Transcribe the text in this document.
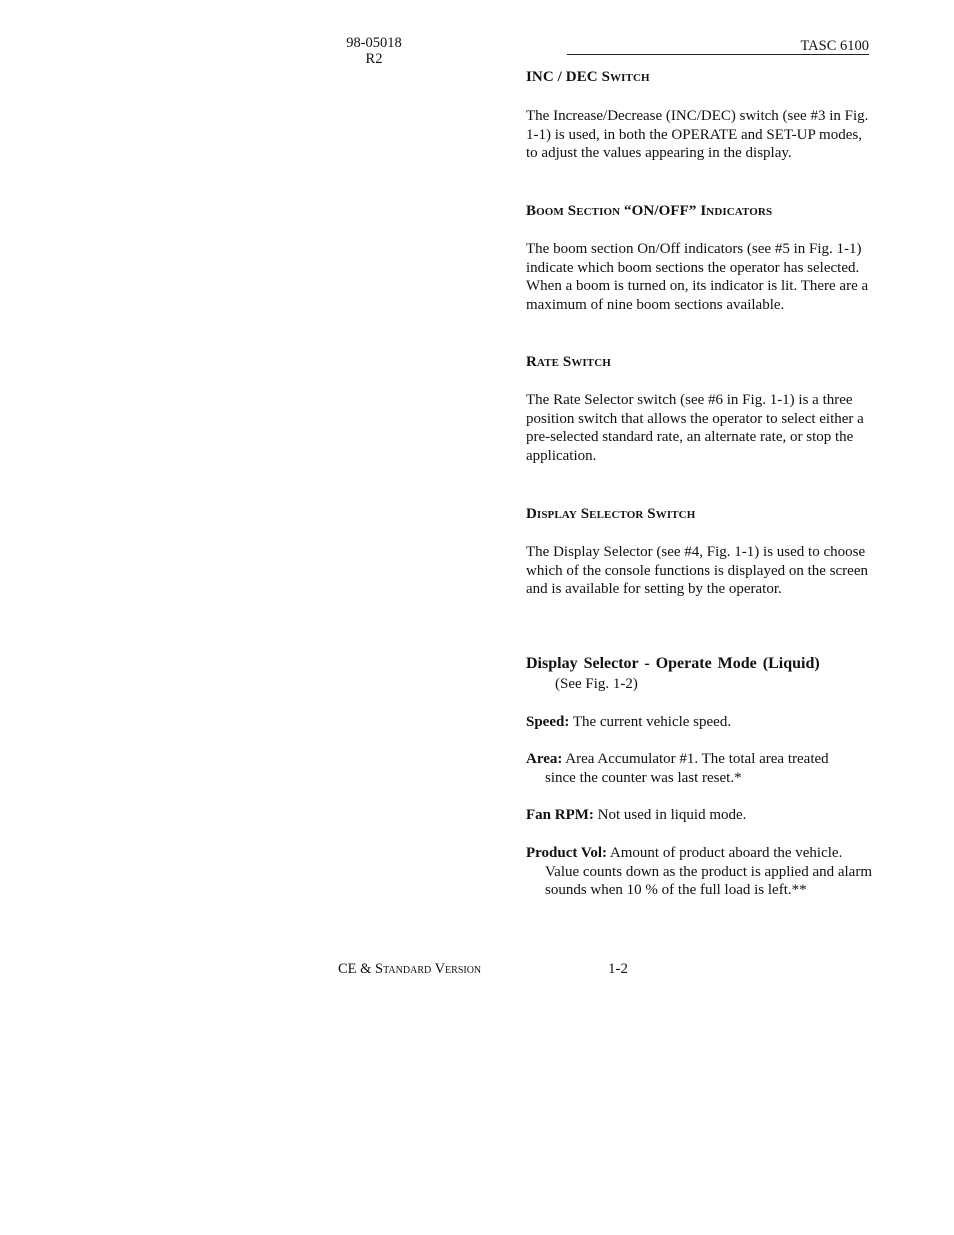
98-05018
R2
TASC 6100
INC / DEC Switch
The Increase/Decrease (INC/DEC) switch (see #3 in Fig. 1-1) is used, in both the OPERATE and SET-UP modes, to adjust the values appearing in the display.
Boom Section “ON/OFF” Indicators
The boom section On/Off indicators (see #5 in Fig. 1-1) indicate which boom sections the operator has selected. When a boom is turned on, its indicator is lit. There are a maximum of nine boom sections available.
Rate Switch
The Rate Selector switch (see #6 in Fig. 1-1) is a three position switch that allows the operator to select either a pre-selected standard rate, an alternate rate, or stop the application.
Display Selector Switch
The Display Selector (see #4, Fig. 1-1) is used to choose which of the console functions is displayed on the screen and is available for setting by the operator.
Display Selector - Operate Mode (Liquid)
(See Fig. 1-2)
Speed: The current vehicle speed.
Area: Area Accumulator #1. The total area treated
since the counter was last reset.*
Fan RPM: Not used in liquid mode.
Product Vol: Amount of product aboard the vehicle.
Value counts down as the product is applied and alarm sounds when 10 % of the full load is left.**
CE & Standard Version	1-2
